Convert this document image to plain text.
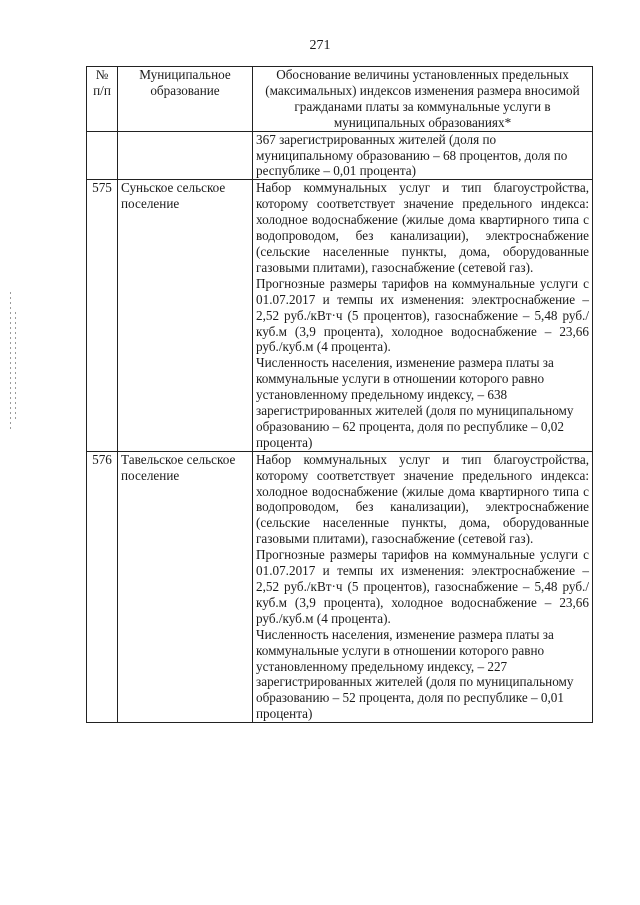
271
№ п/п	Муниципальное образование	Обоснование величины установленных предельных (максимальных) индексов изменения размера вносимой гражданами платы за коммунальные услуги в муниципальных образованиях*

		367 зарегистрированных жителей (доля по муниципальному образованию – 68 процентов, доля по республике – 0,01 процента)

575	Суньское сельское поселение	Набор коммунальных услуг и тип благоустройства, которому соответствует значение предельного индекса: холодное водоснабжение (жилые дома квартирного типа с водопроводом, без канализации), электроснабжение (сельские населенные пункты, дома, оборудованные газовыми плитами), газоснабжение (сетевой газ).

Прогнозные размеры тарифов на коммунальные услуги с 01.07.2017 и темпы их изменения: электроснабжение – 2,52 руб./кВт·ч (5 процентов), газоснабжение – 5,48 руб./куб.м (3,9 процента), холодное водоснабжение – 23,66 руб./куб.м (4 процента).

Численность населения, изменение размера платы за коммунальные услуги в отношении которого равно установленному предельному индексу, – 638 зарегистрированных жителей (доля по муниципальному образованию – 62 процента, доля по республике – 0,02 процента)

576	Тавельское сельское поселение	Набор коммунальных услуг и тип благоустройства, которому соответствует значение предельного индекса: холодное водоснабжение (жилые дома квартирного типа с водопроводом, без канализации), электроснабжение (сельские населенные пункты, дома, оборудованные газовыми плитами), газоснабжение (сетевой газ).

Прогнозные размеры тарифов на коммунальные услуги с 01.07.2017 и темпы их изменения: электроснабжение – 2,52 руб./кВт·ч (5 процентов), газоснабжение – 5,48 руб./куб.м (3,9 процента), холодное водоснабжение – 23,66 руб./куб.м (4 процента).

Численность населения, изменение размера платы за коммунальные услуги в отношении которого равно установленному предельному индексу, – 227 зарегистрированных жителей (доля по муниципальному образованию – 52 процента, доля по республике – 0,01 процента)
